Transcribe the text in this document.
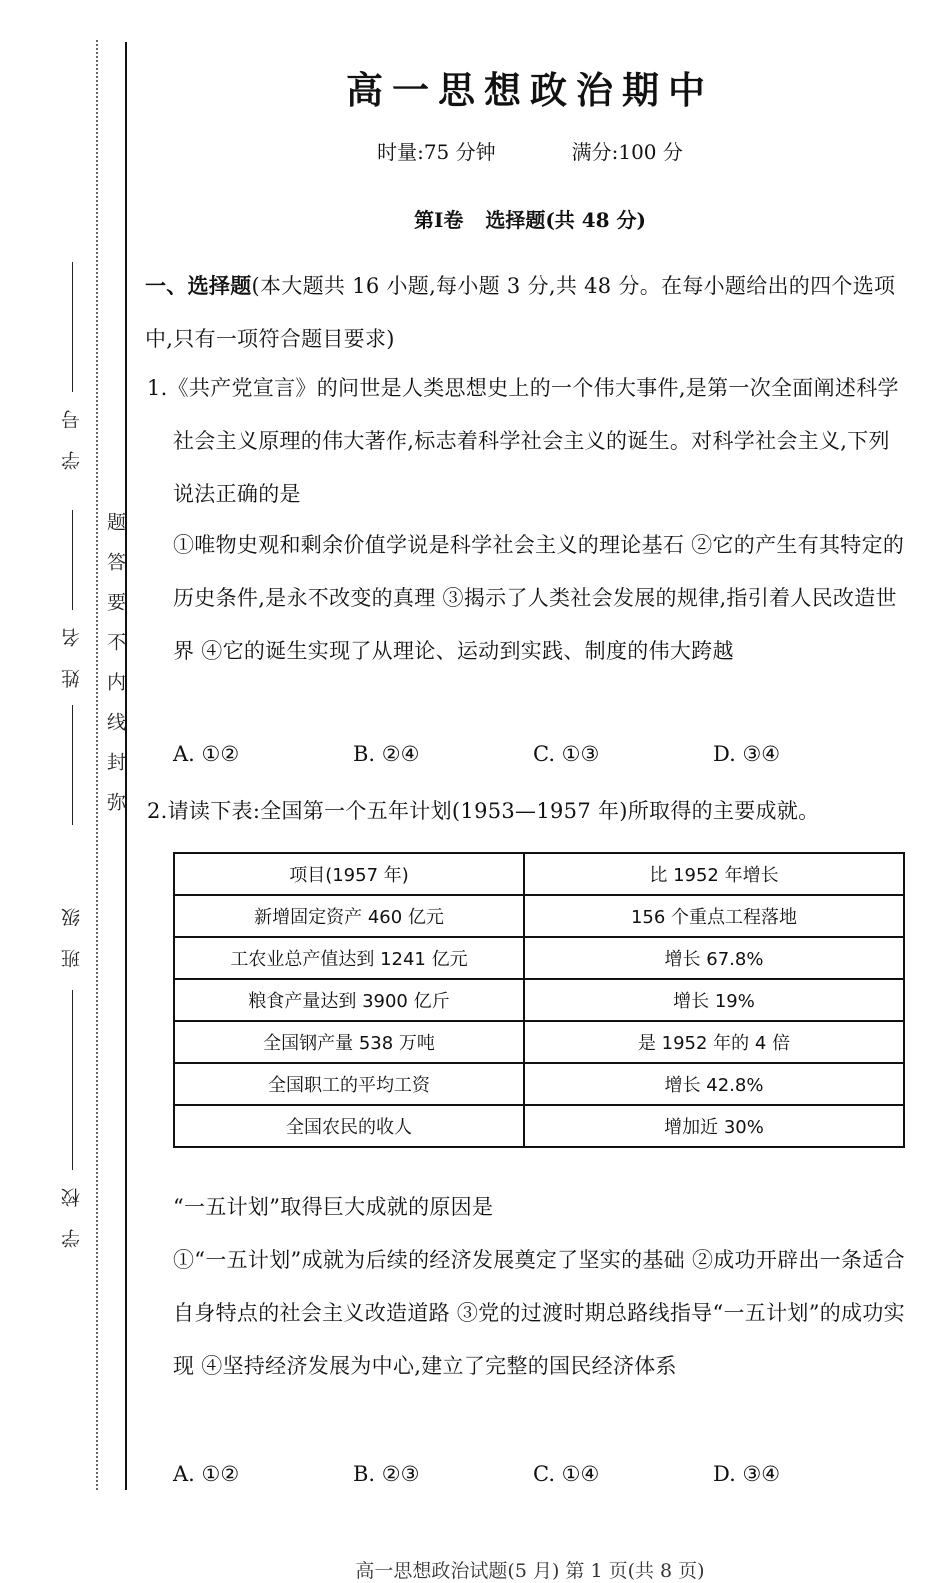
学 号
姓 名
班 级
学 校
题答要不内线封弥
高一思想政治期中
时量:75 分钟	满分:100 分
第Ⅰ卷 选择题(共 48 分)
一、选择题(本大题共 16 小题,每小题 3 分,共 48 分。在每小题给出的四个选项中,只有一项符合题目要求)
1.《共产党宣言》的问世是人类思想史上的一个伟大事件,是第一次全面阐述科学社会主义原理的伟大著作,标志着科学社会主义的诞生。对科学社会主义,下列说法正确的是
①唯物史观和剩余价值学说是科学社会主义的理论基石 ②它的产生有其特定的历史条件,是永不改变的真理 ③揭示了人类社会发展的规律,指引着人民改造世界 ④它的诞生实现了从理论、运动到实践、制度的伟大跨越
A. ①②	B. ②④	C. ①③	D. ③④
2.请读下表:全国第一个五年计划(1953—1957 年)所取得的主要成就。
项目(1957 年)	比 1952 年增长
新增固定资产 460 亿元	156 个重点工程落地
工农业总产值达到 1241 亿元	增长 67.8%
粮食产量达到 3900 亿斤	增长 19%
全国钢产量 538 万吨	是 1952 年的 4 倍
全国职工的平均工资	增长 42.8%
全国农民的收人	增加近 30%
“一五计划”取得巨大成就的原因是
①“一五计划”成就为后续的经济发展奠定了坚实的基础 ②成功开辟出一条适合自身特点的社会主义改造道路 ③党的过渡时期总路线指导“一五计划”的成功实现 ④坚持经济发展为中心,建立了完整的国民经济体系
A. ①②	B. ②③	C. ①④	D. ③④
高一思想政治试题(5 月) 第 1 页(共 8 页)
